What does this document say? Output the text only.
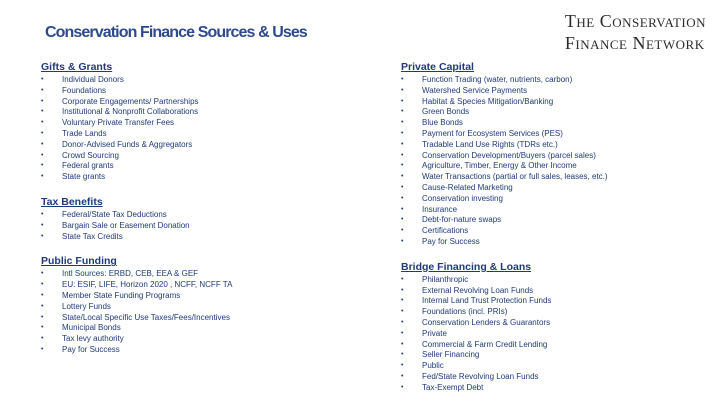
Conservation Finance Sources & Uses
The Conservation
Finance Network
Gifts & Grants
• Individual Donors
• Foundations
• Corporate Engagements/ Partnerships
• Institutional & Nonprofit Collaborations
• Voluntary Private Transfer Fees
• Trade Lands
• Donor-Advised Funds & Aggregators
• Crowd Sourcing
• Federal grants
• State grants
Tax Benefits
• Federal/State Tax Deductions
• Bargain Sale or Easement Donation
• State Tax Credits
Public Funding
• Intl Sources: ERBD, CEB, EEA & GEF
• EU: ESIF, LIFE, Horizon 2020 , NCFF, NCFF TA
• Member State Funding Programs
• Lottery Funds
• State/Local Specific Use Taxes/Fees/Incentives
• Municipal Bonds
• Tax levy authority
• Pay for Success
Private Capital
• Function Trading (water, nutrients, carbon)
• Watershed Service Payments
• Habitat & Species Mitigation/Banking
• Green Bonds
• Blue Bonds
• Payment for Ecosystem Services (PES)
• Tradable Land Use Rights (TDRs etc.)
• Conservation Development/Buyers (parcel sales)
• Agriculture, Timber, Energy & Other Income
• Water Transactions (partial or full sales, leases, etc.)
• Cause-Related Marketing
• Conservation investing
• Insurance
• Debt-for-nature swaps
• Certifications
• Pay for Success
Bridge Financing & Loans
• Philanthropic
• External Revolving Loan Funds
• Internal Land Trust Protection Funds
• Foundations (incl. PRIs)
• Conservation Lenders & Guarantors
• Private
• Commercial & Farm Credit Lending
• Seller Financing
• Public
• Fed/State Revolving Loan Funds
• Tax-Exempt Debt
